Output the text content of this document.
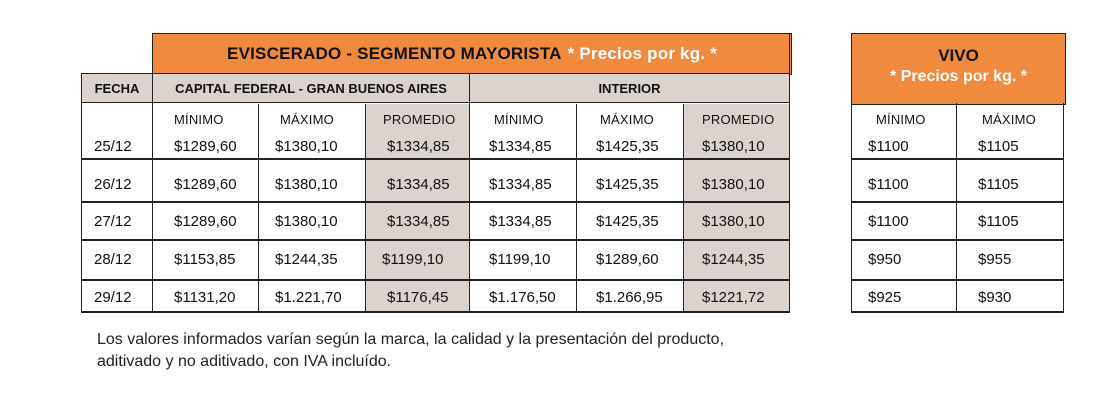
EVISCERADO - SEGMENTO MAYORISTA * Precios por kg. *
FECHA	CAPITAL FEDERAL - GRAN BUENOS AIRES	INTERIOR
MÍNIMO	MÁXIMO	PROMEDIO	MÍNIMO	MÁXIMO	PROMEDIO
25/12	$1289,60	$1380,10	$1334,85	$1334,85	$1425,35	$1380,10
26/12	$1289,60	$1380,10	$1334,85	$1334,85	$1425,35	$1380,10
27/12	$1289,60	$1380,10	$1334,85	$1334,85	$1425,35	$1380,10
28/12	$1153,85	$1244,35	$1199,10	$1199,10	$1289,60	$1244,35
29/12	$1131,20	$1.221,70	$1176,45	$1.176,50	$1.266,95	$1221,72
VIVO
* Precios por kg. *
MÍNIMO	MÁXIMO
$1100	$1105
$1100	$1105
$1100	$1105
$950	$955
$925	$930
Los valores informados varían según la marca, la calidad y la presentación del producto,
aditivado y no aditivado, con IVA incluído.
